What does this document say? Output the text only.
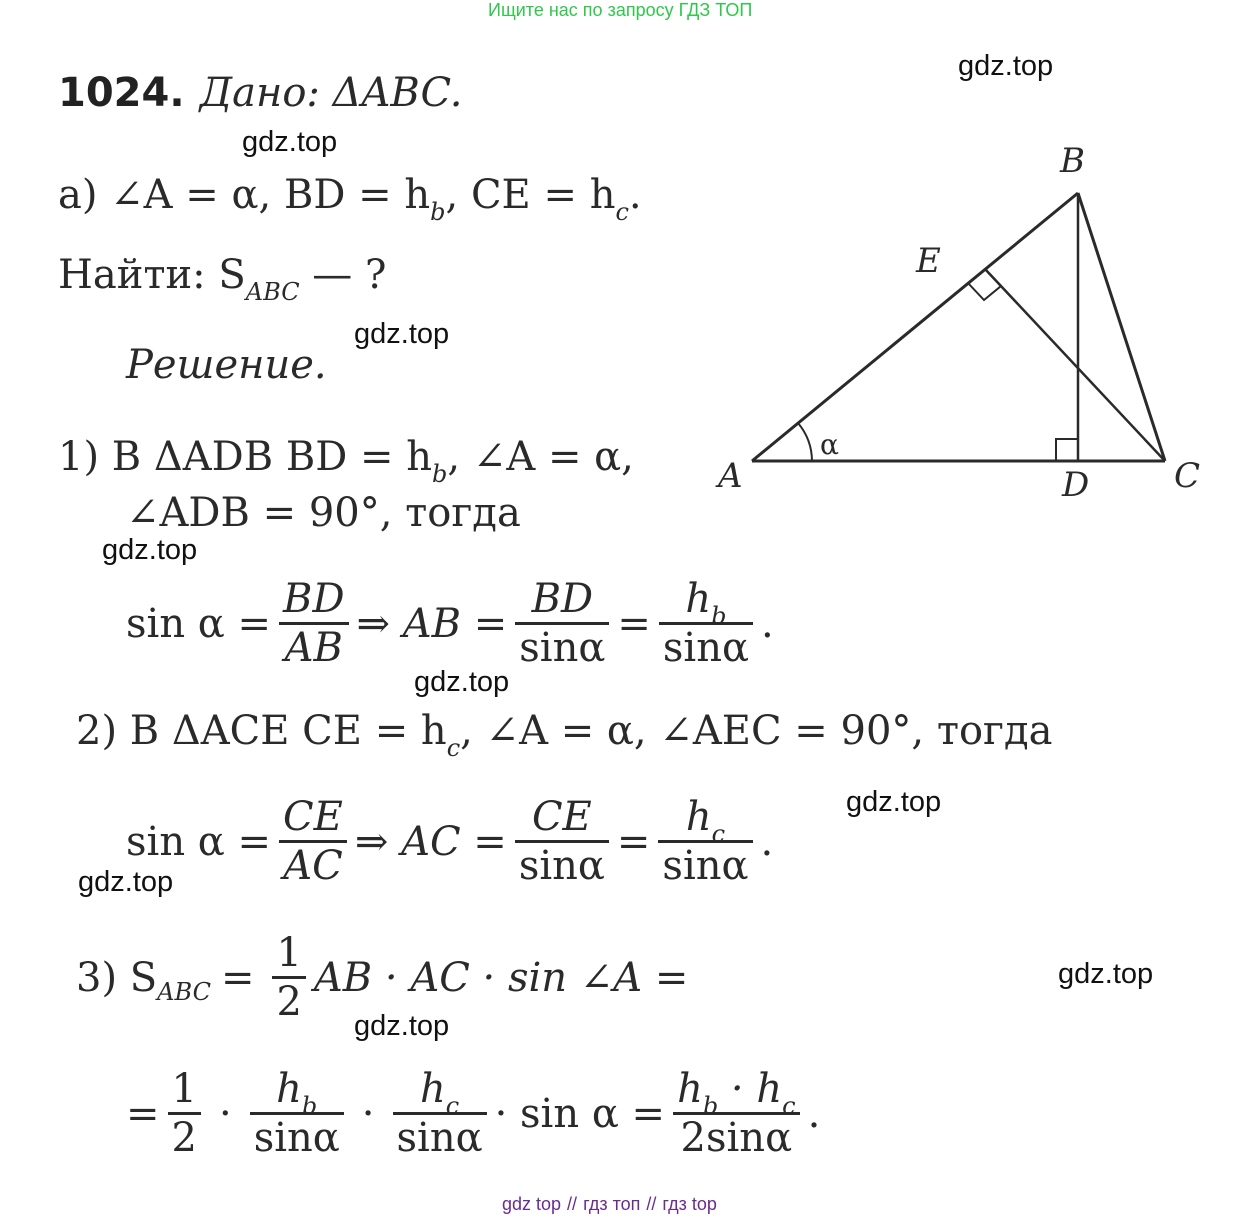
Ищите нас по запросу ГДЗ ТОП
gdz.top
gdz.top
gdz.top
gdz.top
gdz.top
gdz.top
gdz.top
gdz.top
gdz.top
1024. Дано: ΔABC.
а) ∠A = α, BD = $h_b$, CE = $h_c$.
Найти: $S_{ABC}$ — ?
Решение.
1) В ΔADB BD = $h_b$, ∠A = α,
∠ADB = 90°, тогда
$\sin \alpha = \frac{BD}{AB}$ ⇒ AB = $\frac{BD}{\sin\alpha} = \frac{h_b}{\sin\alpha}$ .
2) В ΔACE CE = $h_c$, ∠A = α, ∠AEC = 90°, тогда
$\sin \alpha = \frac{CE}{AC}$ ⇒ AC = $\frac{CE}{\sin\alpha} = \frac{h_c}{\sin\alpha}$ .
3) S ABC = $\frac{1}{2}$ AB · AC · sin ∠A =
= $\frac{1}{2} \cdot \frac{h_b}{\sin\alpha} \cdot \frac{h_c}{\sin\alpha} \cdot \sin \alpha = \frac{h_b \cdot h_c}{2\sin\alpha}$ .
A
B
C
D
E
α
gdz top // гдз топ // гдз top
